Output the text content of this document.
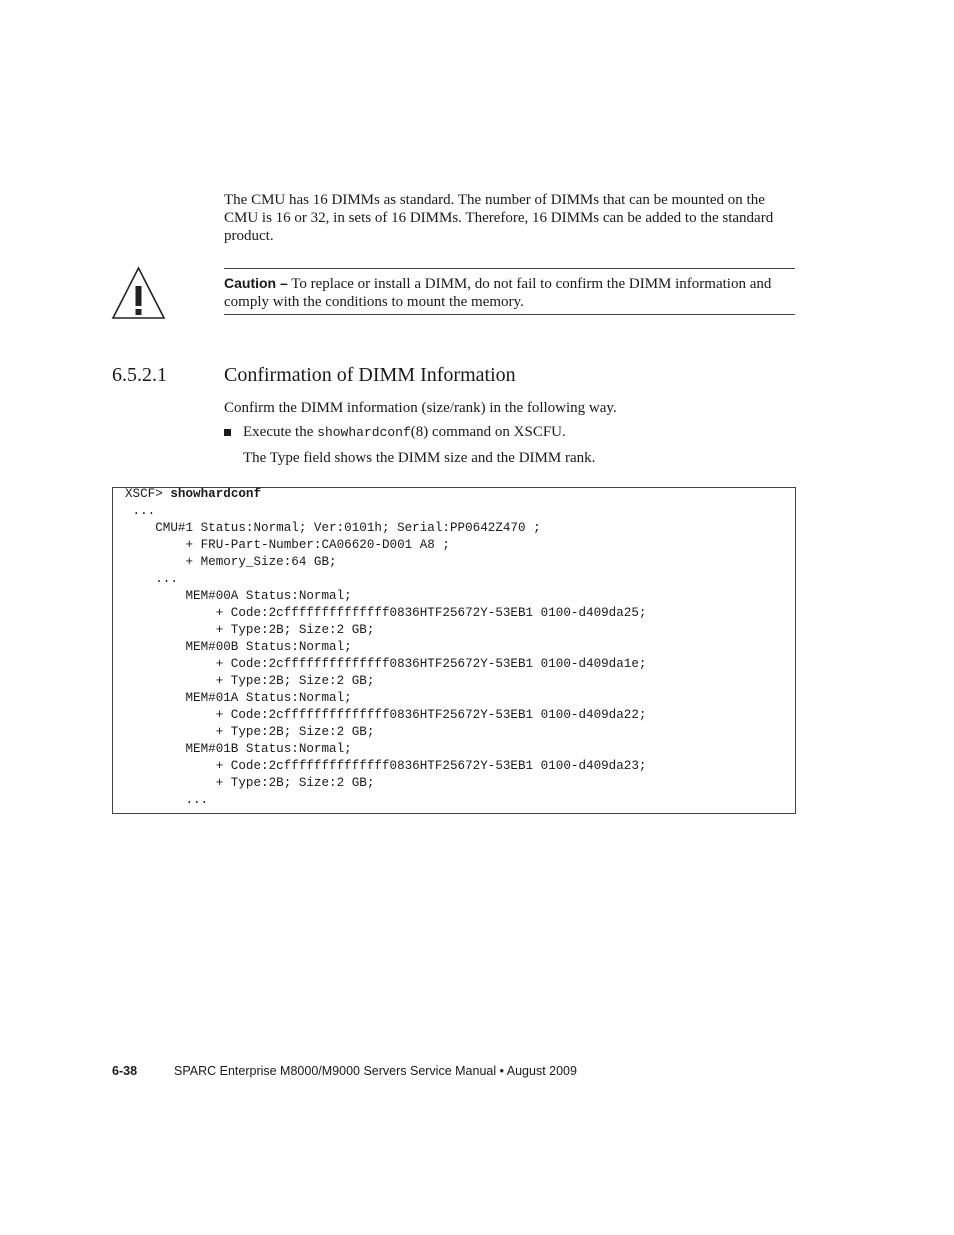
The CMU has 16 DIMMs as standard. The number of DIMMs that can be mounted on the CMU is 16 or 32, in sets of 16 DIMMs. Therefore, 16 DIMMs can be added to the standard product.

Caution – To replace or install a DIMM, do not fail to confirm the DIMM information and comply with the conditions to mount the memory.
6.5.2.1	Confirmation of DIMM Information
Confirm the DIMM information (size/rank) in the following way.
Execute the showhardconf(8) command on XSCFU.
The Type field shows the DIMM size and the DIMM rank.
XSCF> showhardconf
...
CMU#1 Status:Normal; Ver:0101h; Serial:PP0642Z470 ;
+ FRU-Part-Number:CA06620-D001 A8 ;
+ Memory_Size:64 GB;
...
MEM#00A Status:Normal;
+ Code:2cffffffffffffff0836HTF25672Y-53EB1 0100-d409da25;
+ Type:2B; Size:2 GB;
MEM#00B Status:Normal;
+ Code:2cffffffffffffff0836HTF25672Y-53EB1 0100-d409da1e;
+ Type:2B; Size:2 GB;
MEM#01A Status:Normal;
+ Code:2cffffffffffffff0836HTF25672Y-53EB1 0100-d409da22;
+ Type:2B; Size:2 GB;
MEM#01B Status:Normal;
+ Code:2cffffffffffffff0836HTF25672Y-53EB1 0100-d409da23;
+ Type:2B; Size:2 GB;
...
6-38	SPARC Enterprise M8000/M9000 Servers Service Manual • August 2009
